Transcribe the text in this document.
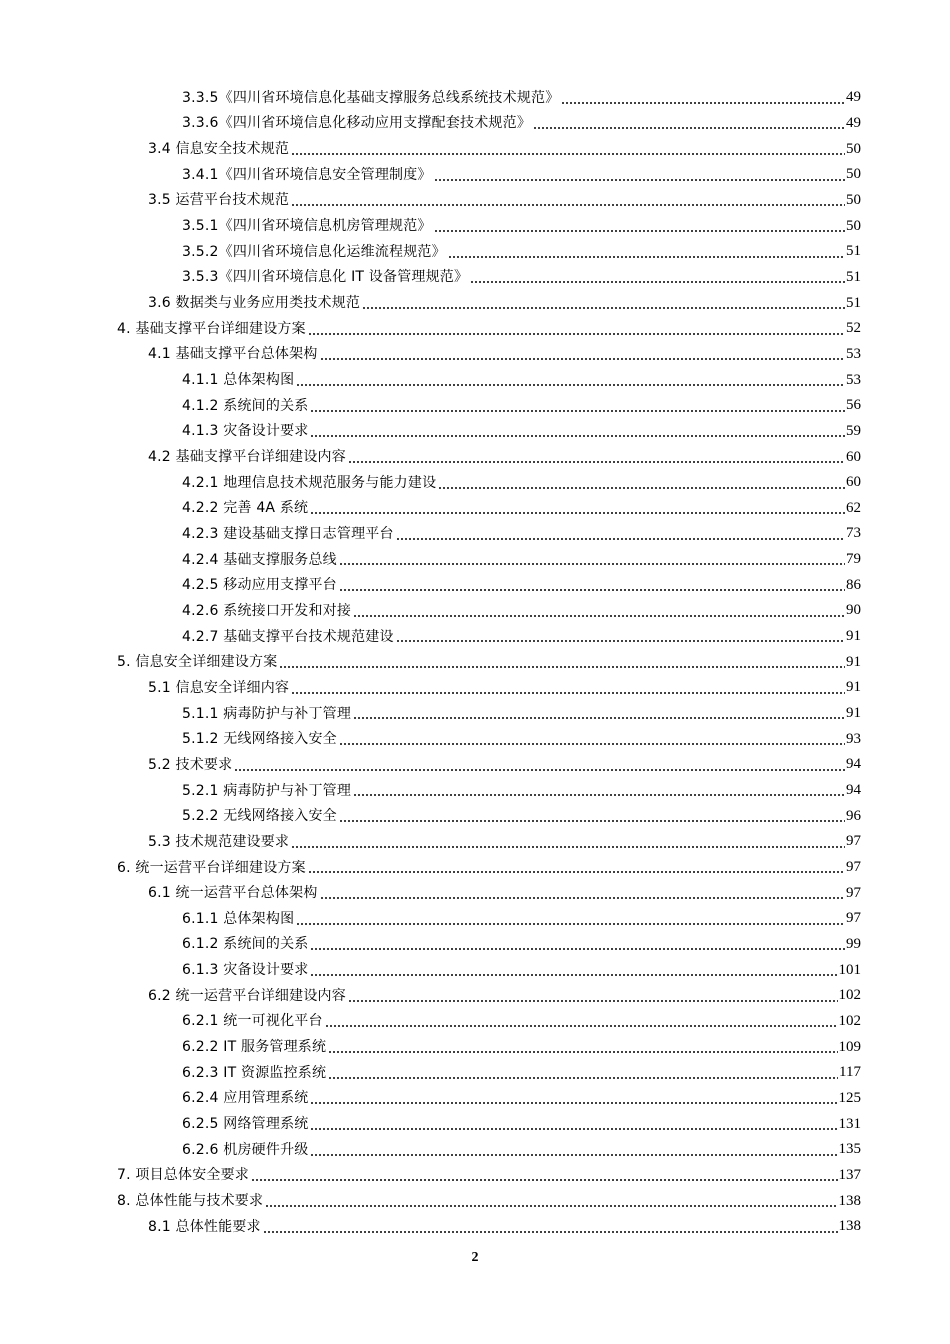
3.3.5《四川省环境信息化基础支撑服务总线系统技术规范》	49
3.3.6《四川省环境信息化移动应用支撑配套技术规范》	49
3.4 信息安全技术规范	50
3.4.1《四川省环境信息安全管理制度》	50
3.5 运营平台技术规范	50
3.5.1《四川省环境信息机房管理规范》	50
3.5.2《四川省环境信息化运维流程规范》	51
3.5.3《四川省环境信息化 IT 设备管理规范》	51
3.6 数据类与业务应用类技术规范	51
4. 基础支撑平台详细建设方案	52
4.1 基础支撑平台总体架构	53
4.1.1 总体架构图	53
4.1.2 系统间的关系	56
4.1.3 灾备设计要求	59
4.2 基础支撑平台详细建设内容	60
4.2.1 地理信息技术规范服务与能力建设	60
4.2.2 完善 4A 系统	62
4.2.3 建设基础支撑日志管理平台	73
4.2.4 基础支撑服务总线	79
4.2.5 移动应用支撑平台	86
4.2.6 系统接口开发和对接	90
4.2.7 基础支撑平台技术规范建设	91
5. 信息安全详细建设方案	91
5.1 信息安全详细内容	91
5.1.1 病毒防护与补丁管理	91
5.1.2 无线网络接入安全	93
5.2 技术要求	94
5.2.1 病毒防护与补丁管理	94
5.2.2 无线网络接入安全	96
5.3 技术规范建设要求	97
6. 统一运营平台详细建设方案	97
6.1 统一运营平台总体架构	97
6.1.1 总体架构图	97
6.1.2 系统间的关系	99
6.1.3 灾备设计要求	101
6.2 统一运营平台详细建设内容	102
6.2.1 统一可视化平台	102
6.2.2 IT 服务管理系统	109
6.2.3 IT 资源监控系统	117
6.2.4 应用管理系统	125
6.2.5 网络管理系统	131
6.2.6 机房硬件升级	135
7. 项目总体安全要求	137
8. 总体性能与技术要求	138
8.1 总体性能要求	138
2
